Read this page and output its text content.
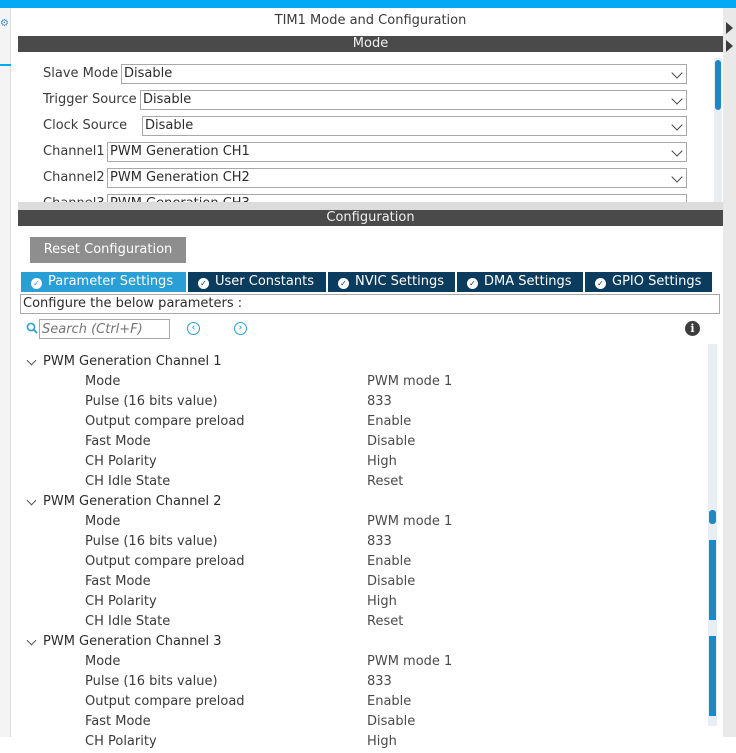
⚙	TIM1 Mode and Configuration
Mode
Slave Mode Disable
Trigger Source Disable
Clock Source Disable
Channel1 PWM Generation CH1
Channel2 PWM Generation CH2
Configuration
Reset Configuration
✓ Parameter Settings	✓ User Constants	✓ NVIC Settings	✓ DMA Settings	✓ GPIO Settings
Configure the below parameters :
Search (Ctrl+F)
‹	›	i
PWM Generation Channel 1
Mode	PWM mode 1
Pulse (16 bits value)	833
Output compare preload	Enable
Fast Mode	Disable
CH Polarity	High
CH Idle State	Reset
PWM Generation Channel 2
Mode	PWM mode 1
Pulse (16 bits value)	833
Output compare preload	Enable
Fast Mode	Disable
CH Polarity	High
CH Idle State	Reset
PWM Generation Channel 3
Mode	PWM mode 1
Pulse (16 bits value)	833
Output compare preload	Enable
Fast Mode	Disable
CH Polarity	High
